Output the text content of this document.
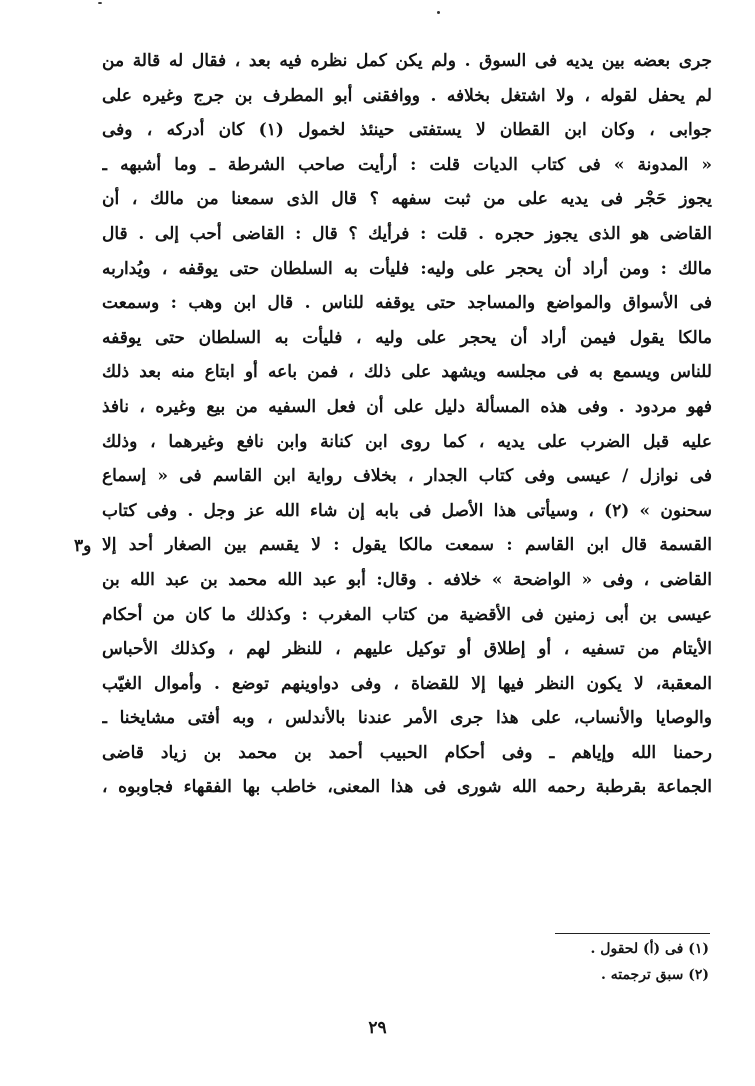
جرى بعضه بين يديه فى السوق . ولم يكن كمل نظره فيه بعد ، فقال له قالة من
لم يحفل لقوله ، ولا اشتغل بخلافه . ووافقنى أبو المطرف بن جرج وغيره على
جوابى ، وكان ابن القطان لا يستفتى حينئذ لخمول (١) كان أدركه ، وفى
« المدونة » فى كتاب الديات قلت : أرأيت صاحب الشرطة ـ وما أشبهه ـ
يجوز حَجْر فى يديه على من ثبت سفهه ؟ قال الذى سمعنا من مالك ، أن
القاضى هو الذى يجوز حجره . قلت : فرأيك ؟ قال : القاضى أحب إلى . قال
مالك : ومن أراد أن يحجر على وليه: فليأت به السلطان حتى يوقفه ، ويُداربه
فى الأسواق والمواضع والمساجد حتى يوقفه للناس . قال ابن وهب : وسمعت
مالكا يقول فيمن أراد أن يحجر على وليه ، فليأت به السلطان حتى يوقفه
للناس ويسمع به فى مجلسه ويشهد على ذلك ، فمن باعه أو ابتاع منه بعد ذلك
فهو مردود . وفى هذه المسألة دليل على أن فعل السفيه من بيع وغيره ، نافذ
عليه قبل الضرب على يديه ، كما روى ابن كنانة وابن نافع وغيرهما ، وذلك
فى نوازل / عيسى وفى كتاب الجدار ، بخلاف رواية ابن القاسم فى « إسماع
سحنون » (٢) ، وسيأتى هذا الأصل فى بابه إن شاء الله عز وجل . وفى كتاب
القسمة قال ابن القاسم : سمعت مالكا يقول : لا يقسم بين الصغار أحد إلا
القاضى ، وفى « الواضحة » خلافه . وقال: أبو عبد الله محمد بن عبد الله بن
عيسى بن أبى زمنين فى الأقضية من كتاب المغرب : وكذلك ما كان من أحكام
الأيتام من تسفيه ، أو إطلاق أو توكيل عليهم ، للنظر لهم ، وكذلك الأحباس
المعقبة، لا يكون النظر فيها إلا للقضاة ، وفى دواوينهم توضع . وأموال الغيّب
والوصايا والأنساب، على هذا جرى الأمر عندنا بالأندلس ، وبه أفتى مشايخنا ـ
رحمنا الله وإياهم ـ وفى أحكام الحبيب أحمد بن محمد بن زياد قاضى
الجماعة بقرطبة رحمه الله شورى فى هذا المعنى، خاطب بها الفقهاء فجاوبوه ،
و٣
(١) فى (أ) لحقول .
(٢) سبق ترجمته .
٢٩
